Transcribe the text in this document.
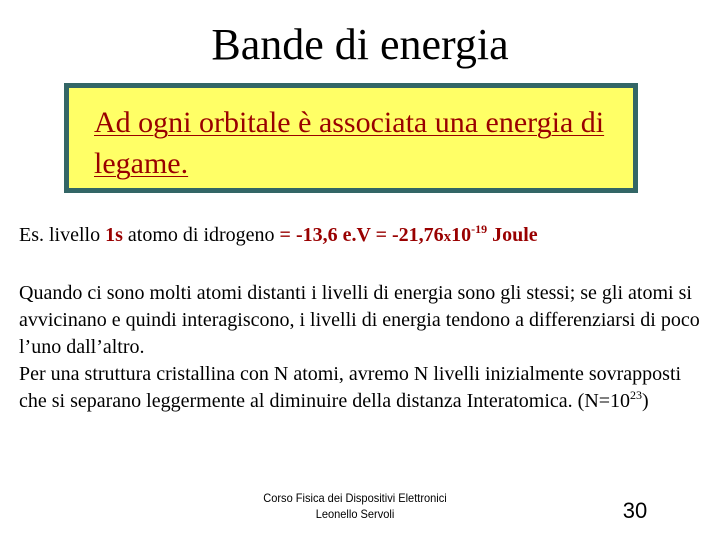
Bande di energia
Ad ogni orbitale è associata una energia di legame.
Es. livello 1s atomo di idrogeno = -13,6 $e.V = -21,76x10^{-19}$ Joule

Quando ci sono molti atomi distanti i livelli di energia sono gli stessi; se gli atomi si avvicinano e quindi interagiscono, i livelli di energia tendono a differenziarsi di poco l’uno dall’altro.

Per una struttura cristallina con N atomi, avremo N livelli inizialmente sovrapposti che si separano leggermente al diminuire della distanza Interatomica. $(N=10^{23})$

Corso Fisica dei Dispositivi Elettronici
Leonello Servoli	30
